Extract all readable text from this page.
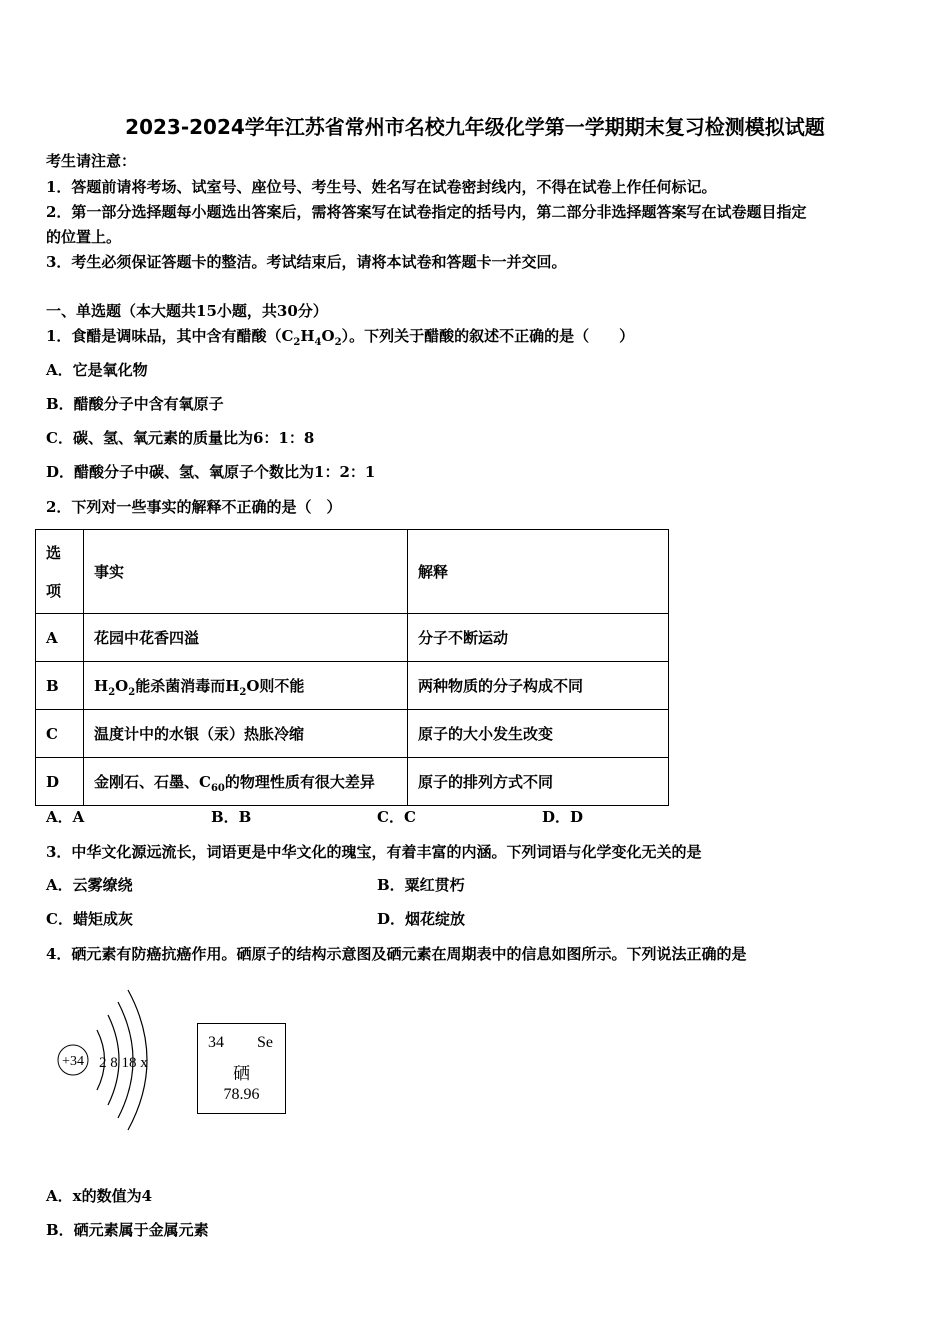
2023-2024学年江苏省常州市名校九年级化学第一学期期末复习检测模拟试题
考生请注意：
1．答题前请将考场、试室号、座位号、考生号、姓名写在试卷密封线内，不得在试卷上作任何标记。
2．第一部分选择题每小题选出答案后，需将答案写在试卷指定的括号内，第二部分非选择题答案写在试卷题目指定
的位置上。
3．考生必须保证答题卡的整洁。考试结束后，请将本试卷和答题卡一并交回。
一、单选题（本大题共15小题，共30分）
1．食醋是调味品，其中含有醋酸$(C_2H_4O_2)$。下列关于醋酸的叙述不正确的是（　　）
A．它是氧化物
B．醋酸分子中含有氧原子
C．碳、氢、氧元素的质量比为6：1：8
D．醋酸分子中碳、氢、氧原子个数比为1：2：1
2．下列对一些事实的解释不正确的是（　）
选
项	事实	解释
A	花园中花香四溢	分子不断运动
B	$H_2O_2$能杀菌消毒而$H_2O$则不能	两种物质的分子构成不同
C	温度计中的水银（汞）热胀冷缩	原子的大小发生改变
D	金刚石、石墨、$C_{60}$的物理性质有很大差异	原子的排列方式不同
A．A	B．B	C．C	D．D
3．中华文化源远流长，词语更是中华文化的瑰宝，有着丰富的内涵。下列词语与化学变化无关的是
A．云雾缭绕	B．粟红贯朽
C．蜡矩成灰	D．烟花绽放
4．硒元素有防癌抗癌作用。硒原子的结构示意图及硒元素在周期表中的信息如图所示。下列说法正确的是
+34 2 8 18 x
34 Se
硒
78.96
A．x的数值为4
B．硒元素属于金属元素
